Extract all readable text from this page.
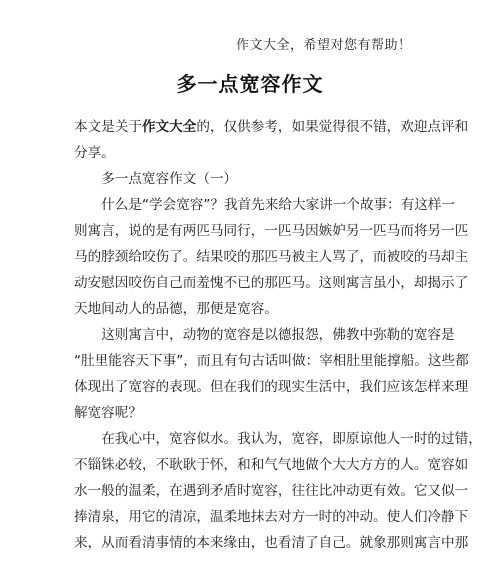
作文大全，希望对您有帮助！
多一点宽容作文

本文是关于作文大全的，仅供参考，如果觉得很不错，欢迎点评和
分享。

多一点宽容作文（一）

什么是“学会宽容”？我首先来给大家讲一个故事：有这样一

则寓言，说的是有两匹马同行，一匹马因嫉妒另一匹马而将另一匹
马的脖颈给咬伤了。结果咬的那匹马被主人骂了，而被咬的马却主
动安慰因咬伤自己而羞愧不已的那匹马。这则寓言虽小，却揭示了
天地间动人的品德，那便是宽容。

这则寓言中，动物的宽容是以德报怨，佛教中弥勒的宽容是

“肚里能容天下事”，而且有句古话叫做：宰相肚里能撑船。这些都
体现出了宽容的表现。但在我们的现实生活中，我们应该怎样来理
解宽容呢？

在我心中，宽容似水。我认为，宽容，即原谅他人一时的过错，

不锱铢必较，不耿耿于怀，和和气气地做个大大方方的人。宽容如
水一般的温柔，在遇到矛盾时宽容，往往比冲动更有效。它又似一
捧清泉，用它的清凉，温柔地抹去对方一时的冲动。使人们冷静下
来，从而看清事情的本来缘由，也看清了自己。就象那则寓言中那
